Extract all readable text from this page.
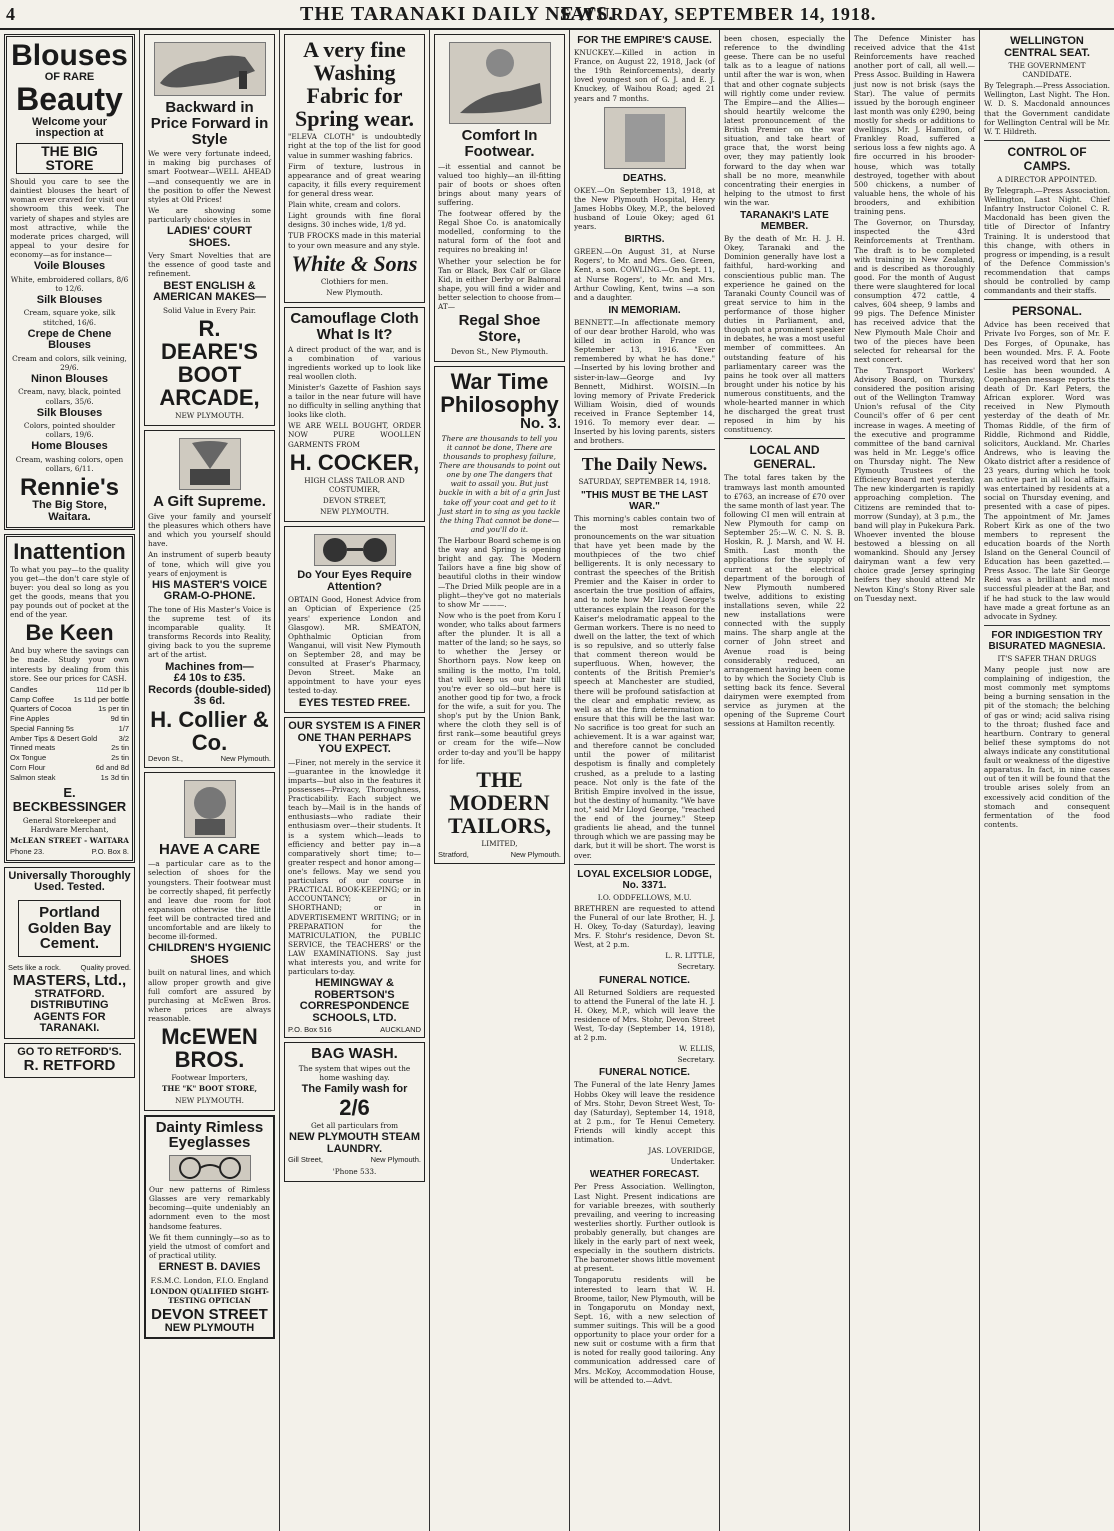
4	THE TARANAKI DAILY NEWS.
SATURDAY, SEPTEMBER 14, 1918.
Blouses
OF RARE
Beauty
Welcome your inspection at
THE BIG STORE
Should you care to see the daintiest blouses the heart of woman ever craved for visit our showroom this week. The variety of shapes and styles are most attractive, while the moderate prices charged, will appeal to your desire for economy—as for instance—
Voile Blouses
White, embroidered collars, 8/6 to 12/6.
Silk Blouses
Cream, square yoke, silk stitched, 16/6.
Crepe de Chene Blouses
Cream and colors, silk veining, 29/6.
Ninon Blouses
Cream, navy, black, pointed collars, 35/6.
Silk Blouses
Colors, pointed shoulder collars, 19/6.
Home Blouses
Cream, washing colors, open collars, 6/11.
Rennie's
The Big Store, Waitara.
Inattention
To what you pay—to the quality you get—the don't care style of buyer: you deal so long as you get the goods, means that you pay pounds out of pocket at the end of the year.
Be Keen
And buy where the savings can be made. Study your own interests by dealing from this store. See our prices for CASH.
Candles	11d per lb
Camp Coffee	1s 11d per bottle
Quarters of Cocoa	1s per tin
Fine Apples	9d tin
Special Fanning 5s	1/7
Amber Tips & Desert Gold	3/2
Tinned meats	2s tin
Ox Tongue	2s tin
Corn Flour	6d and 8d
Salmon steak	1s 3d tin
E. BECKBESSINGER
General Storekeeper and Hardware Merchant,
McLEAN STREET - WAITARA
Phone 23.	P.O. Box 8.
Universally Thoroughly
Used. Tested.
Portland Golden Bay Cement.
Sets like a rock.	Quality proved.
MASTERS, Ltd.,
STRATFORD.
DISTRIBUTING AGENTS FOR TARANAKI.
GO TO RETFORD'S.
R. RETFORD
Backward in Price Forward in Style
We were very fortunate indeed, in making big purchases of smart Footwear—WELL AHEAD—and consequently we are in the position to offer the Newest styles at Old Prices!
We are showing some particularly choice styles in
LADIES' COURT SHOES.
Very Smart Novelties that are the essence of good taste and refinement.
BEST ENGLISH & AMERICAN MAKES—
Solid Value in Every Pair.
R. DEARE'S BOOT ARCADE,
NEW PLYMOUTH.
A Gift Supreme.
Give your family and yourself the pleasures which others have and which you yourself should have.
An instrument of superb beauty of tone, which will give you years of enjoyment is
HIS MASTER'S VOICE GRAM-O-PHONE.
The tone of His Master's Voice is the supreme test of its incomparable quality. It transforms Records into Reality, giving back to you the supreme art of the artist.
Machines from—
£4 10s to £35.
Records (double-sided) 3s 6d.
H. Collier & Co.
Devon St.,	New Plymouth.
HAVE A CARE
—a particular care as to the selection of shoes for the youngsters. Their footwear must be correctly shaped, fit perfectly and leave due room for foot expansion otherwise the little feet will be contracted tired and uncomfortable and are likely to become ill-formed.
CHILDREN'S HYGIENIC SHOES
built on natural lines, and which allow proper growth and give full comfort are assured by purchasing at McEwen Bros. where prices are always reasonable.
McEWEN BROS.
Footwear Importers,
THE "K" BOOT STORE,
NEW PLYMOUTH.
Dainty Rimless Eyeglasses
Our new patterns of Rimless Glasses are very remarkably becoming—quite undeniably an adornment even to the most handsome features.
We fit them cunningly—so as to yield the utmost of comfort and of practical utility.
ERNEST B. DAVIES
F.S.M.C. London, F.I.O. England
LONDON QUALIFIED SIGHT-TESTING OPTICIAN
DEVON STREET
NEW PLYMOUTH
A very fine Washing Fabric for Spring wear.
"ELEVA CLOTH" is undoubtedly right at the top of the list for good value in summer washing fabrics.
Firm of texture, lustrous in appearance and of great wearing capacity, it fills every requirement for general dress wear.
Plain white, cream and colors.
Light grounds with fine floral designs. 30 inches wide, 1/8 yd.
TUB FROCKS made in this material to your own measure and any style.
White & Sons
Clothiers for men.
New Plymouth.
Camouflage Cloth What Is It?
A direct product of the war, and is a combination of various ingredients worked up to look like real woollen cloth.
Minister's Gazette of Fashion says a tailor in the near future will have no difficulty in selling anything that looks like cloth.
WE ARE WELL BOUGHT, ORDER NOW PURE WOOLLEN GARMENTS FROM
H. COCKER,
HIGH CLASS TAILOR AND COSTUMIER,
DEVON STREET,
NEW PLYMOUTH.
Do Your Eyes Require Attention?
OBTAIN Good, Honest Advice from an Optician of Experience (25 years' experience London and Glasgow). MR. SMEATON, Ophthalmic Optician from Wanganui, will visit New Plymouth on September 28, and may be consulted at Fraser's Pharmacy, Devon Street. Make an appointment to have your eyes tested to-day.
EYES TESTED FREE.
OUR SYSTEM IS A FINER ONE THAN PERHAPS YOU EXPECT.
—Finer, not merely in the service it—guarantee in the knowledge it imparts—but also in the features it possesses—Privacy, Thoroughness, Practicability. Each subject we teach by—Mail is in the hands of enthusiasts—who radiate their enthusiasm over—their students. It is a system which—leads to efficiency and better pay in—a comparatively short time; to—greater respect and honor among—one's fellows. May we send you particulars of our course in PRACTICAL BOOK-KEEPING; or in ACCOUNTANCY; or in SHORTHAND; or in ADVERTISEMENT WRITING; or in PREPARATION for the MATRICULATION, the PUBLIC SERVICE, the TEACHERS' or the LAW EXAMINATIONS. Say just what interests you, and write for particulars to-day.
HEMINGWAY & ROBERTSON'S CORRESPONDENCE SCHOOLS, LTD.
P.O. Box 516	AUCKLAND
BAG WASH.
The system that wipes out the home washing day.
The Family wash for
2/6
Get all particulars from
NEW PLYMOUTH STEAM LAUNDRY.
Gill Street,	New Plymouth.
'Phone 533.
Comfort In Footwear.
—it essential and cannot be valued too highly—an ill-fitting pair of boots or shoes often brings about many years of suffering.
The footwear offered by the Regal Shoe Co. is anatomically modelled, conforming to the natural form of the foot and requires no breaking in!
Whether your selection be for Tan or Black, Box Calf or Glace Kid, in either Derby or Balmoral shape, you will find a wider and better selection to choose from—AT—
Regal Shoe Store,
Devon St., New Plymouth.
War Time Philosophy
No. 3.
There are thousands to tell you it cannot be done, There are thousands to prophesy failure, There are thousands to point out one by one The dangers that wait to assail you. But just buckle in with a bit of a grin Just take off your coat and get to it Just start in to sing as you tackle the thing That cannot be done—and you'll do it.
The Harbour Board scheme is on the way and Spring is opening bright and gay. The Modern Tailors have a fine big show of beautiful cloths in their window —The Dried Milk people are in a plight—they've got no materials to show Mr ———.
Now who is the poet from Koru I wonder, who talks about farmers after the plunder. It is all a matter of the land; so he says, so to whether the Jersey or Shorthorn pays. Now keep on smiling is the motto, I'm told, that will keep us our hair till you're ever so old—but here is another good tip for two, a frock for the wife, a suit for you. The shop's put by the Union Bank, where the cloth they sell is of first rank—some beautiful greys or cream for the wife—Now order to-day and you'll be happy for life.
THE MODERN TAILORS,
LIMITED,
Stratford,	New Plymouth.
FOR THE EMPIRE'S CAUSE.
KNUCKEY.—Killed in action in France, on August 22, 1918, Jack (of the 19th Reinforcements), dearly loved youngest son of G. J. and E. J. Knuckey, of Waihou Road; aged 21 years and 7 months.
DEATHS.
OKEY.—On September 13, 1918, at the New Plymouth Hospital, Henry James Hobbs Okey, M.P., the beloved husband of Louie Okey; aged 61 years.
BIRTHS.
GREEN.—On August 31, at Nurse Rogers', to Mr. and Mrs. Geo. Green, Kent, a son. COWLING.—On Sept. 11, at Nurse Rogers', to Mr. and Mrs. Arthur Cowling, Kent, twins —a son and a daughter.
IN MEMORIAM.
BENNETT.—In affectionate memory of our dear brother Harold, who was killed in action in France on September 13, 1916. "Ever remembered by what he has done." —Inserted by his loving brother and sister-in-law—George and Ivy Bennett, Midhirst. WOISIN.—In loving memory of Private Frederick William Woisin, died of wounds received in France September 14, 1916. To memory ever dear. —Inserted by his loving parents, sisters and brothers.
The Daily News.
SATURDAY, SEPTEMBER 14, 1918.
"THIS MUST BE THE LAST WAR."
This morning's cables contain two of the most remarkable pronouncements on the war situation that have yet been made by the mouthpieces of the two chief belligerents. It is only necessary to contrast the speeches of the British Premier and the Kaiser in order to ascertain the true position of affairs, and to note how Mr Lloyd George's utterances explain the reason for the Kaiser's melodramatic appeal to the German workers. There is no need to dwell on the latter, the text of which is so repulsive, and so utterly false that comment thereon would be superfluous. When, however, the contents of the British Premier's speech at Manchester are studied, there will be profound satisfaction at the clear and emphatic review, as well as at the firm determination to ensure that this will be the last war. No sacrifice is too great for such an achievement. It is a war against war, and therefore cannot be concluded until the power of militarist despotism is finally and completely crushed, as a prelude to a lasting peace. Not only is the fate of the British Empire involved in the issue, but the destiny of humanity. "We have not," said Mr Lloyd George, "reached the end of the journey." Steep gradients lie ahead, and the tunnel through which we are passing may be dark, but it will be short. The worst is over.
LOYAL EXCELSIOR LODGE, No. 3371.
I.O. ODDFELLOWS, M.U.
BRETHREN are requested to attend the Funeral of our late Brother, H. J. H. Okey, To-day (Saturday), leaving Mrs. F. Stohr's residence, Devon St. West, at 2 p.m.
L. R. LITTLE,
Secretary.
FUNERAL NOTICE.
All Returned Soldiers are requested to attend the Funeral of the late H. J. H. Okey, M.P., which will leave the residence of Mrs. Stohr, Devon Street West, To-day (September 14, 1918), at 2 p.m.
W. ELLIS,
Secretary.
FUNERAL NOTICE.
The Funeral of the late Henry James Hobbs Okey will leave the residence of Mrs. Stohr, Devon Street West, To-day (Saturday), September 14, 1918, at 2 p.m., for Te Henui Cemetery. Friends will kindly accept this intimation.
JAS. LOVERIDGE,
Undertaker.
WEATHER FORECAST.
Per Press Association. Wellington, Last Night. Present indications are for variable breezes, with southerly prevailing, and veering to increasing westerlies shortly. Further outlook is probably generally, but changes are likely in the early part of next week, especially in the southern districts. The barometer shows little movement at present.
Tongaporutu residents will be interested to learn that W. H. Broome, tailor, New Plymouth, will be in Tongaporutu on Monday next, Sept. 16, with a new selection of summer suitings. This will be a good opportunity to place your order for a new suit or costume with a firm that is noted for really good tailoring. Any communication addressed care of Mrs. McKoy, Accommodation House, will be attended to.—Advt.
been chosen, especially the reference to the dwindling geese. There can be no useful talk as to a league of nations until after the war is won, when that and other cognate subjects will rightly come under review. The Empire—and the Allies—should heartily welcome the latest pronouncement of the British Premier on the war situation, and take heart of grace that, the worst being over, they may patiently look forward to the day when war shall be no more, meanwhile concentrating their energies in helping to the utmost to first win the war.
TARANAKI'S LATE MEMBER.
By the death of Mr. H. J. H. Okey, Taranaki and the Dominion generally have lost a faithful, hard-working and conscientious public man. The experience he gained on the Taranaki County Council was of great service to him in the performance of those higher duties in Parliament, and, though not a prominent speaker in debates, he was a most useful member of committees. An outstanding feature of his parliamentary career was the pains he took over all matters brought under his notice by his numerous constituents, and the whole-hearted manner in which he discharged the great trust reposed in him by his constituency.
LOCAL AND GENERAL.
The total fares taken by the tramways last month amounted to £763, an increase of £70 over the same month of last year. The following CI men will entrain at New Plymouth for camp on September 25:—W. C. N. S. B. Hoskin, R. J. Marsh, and W. H. Smith. Last month the applications for the supply of current at the electrical department of the borough of New Plymouth numbered twelve, additions to existing installations seven, while 22 new installations were connected with the supply mains. The sharp angle at the corner of John street and Avenue road is being considerably reduced, an arrangement having been come to by which the Society Club is setting back its fence. Several dairymen were exempted from service as jurymen at the opening of the Supreme Court sessions at Hamilton recently.
The Defence Minister has received advice that the 41st Reinforcements have reached another port of call, all well.—Press Assoc. Building in Hawera just now is not brisk (says the Star). The value of permits issued by the borough engineer last month was only £290, being mostly for sheds or additions to dwellings. Mr. J. Hamilton, of Frankley Road, suffered a serious loss a few nights ago. A fire occurred in his brooder-house, which was totally destroyed, together with about 500 chickens, a number of valuable hens, the whole of his brooders, and exhibition training pens.
The Governor, on Thursday, inspected the 43rd Reinforcements at Trentham. The draft is to be completed with training in New Zealand, and is described as thoroughly good. For the month of August there were slaughtered for local consumption 472 cattle, 4 calves, 604 sheep, 9 lambs and 99 pigs. The Defence Minister has received advice that the New Plymouth Male Choir and two of the pieces have been selected for rehearsal for the next concert.
The Transport Workers' Advisory Board, on Thursday, considered the position arising out of the Wellington Tramway Union's refusal of the City Council's offer of 6 per cent increase in wages. A meeting of the executive and programme committee of the band carnival was held in Mr. Legge's office on Thursday night. The New Plymouth Trustees of the Efficiency Board met yesterday. The new kindergarten is rapidly approaching completion. The Citizens are reminded that to-morrow (Sunday), at 3 p.m., the band will play in Pukekura Park. Whoever invented the blouse bestowed a blessing on all womankind. Should any Jersey dairyman want a few very choice grade Jersey springing heifers they should attend Mr Newton King's Stony River sale on Tuesday next.
WELLINGTON CENTRAL SEAT.
THE GOVERNMENT CANDIDATE.
By Telegraph.—Press Association. Wellington, Last Night. The Hon. W. D. S. Macdonald announces that the Government candidate for Wellington Central will be Mr. W. T. Hildreth.
CONTROL OF CAMPS.
A DIRECTOR APPOINTED.
By Telegraph.—Press Association. Wellington, Last Night. Chief Infantry Instructor Colonel C. R. Macdonald has been given the title of Director of Infantry Training. It is understood that this change, with others in progress or impending, is a result of the Defence Commission's recommendation that camps should be controlled by camp commandants and their staffs.
PERSONAL.
Advice has been received that Private Ivo Forges, son of Mr. F. Des Forges, of Opunake, has been wounded. Mrs. F. A. Foote has received word that her son Leslie has been wounded. A Copenhagen message reports the death of Dr. Karl Peters, the African explorer. Word was received in New Plymouth yesterday of the death of Mr. Thomas Riddle, of the firm of Riddle, Richmond and Riddle, solicitors, Auckland. Mr. Charles Andrews, who is leaving the Okato district after a residence of 23 years, during which he took an active part in all local affairs, was entertained by residents at a social on Thursday evening, and presented with a case of pipes. The appointment of Mr. James Robert Kirk as one of the two members to represent the education boards of the North Island on the General Council of Education has been gazetted.—Press Assoc. The late Sir George Reid was a brilliant and most successful pleader at the Bar, and if he had stuck to the law would have made a great fortune as an advocate in Sydney.
FOR INDIGESTION TRY BISURATED MAGNESIA.
IT'S SAFER THAN DRUGS
Many people just now are complaining of indigestion, the most commonly met symptoms being a burning sensation in the pit of the stomach; the belching of gas or wind; acid saliva rising to the throat; flushed face and heartburn. Contrary to general belief these symptoms do not always indicate any constitutional fault or weakness of the digestive apparatus. In fact, in nine cases out of ten it will be found that the trouble arises solely from an excessively acid condition of the stomach and consequent fermentation of the food contents.
